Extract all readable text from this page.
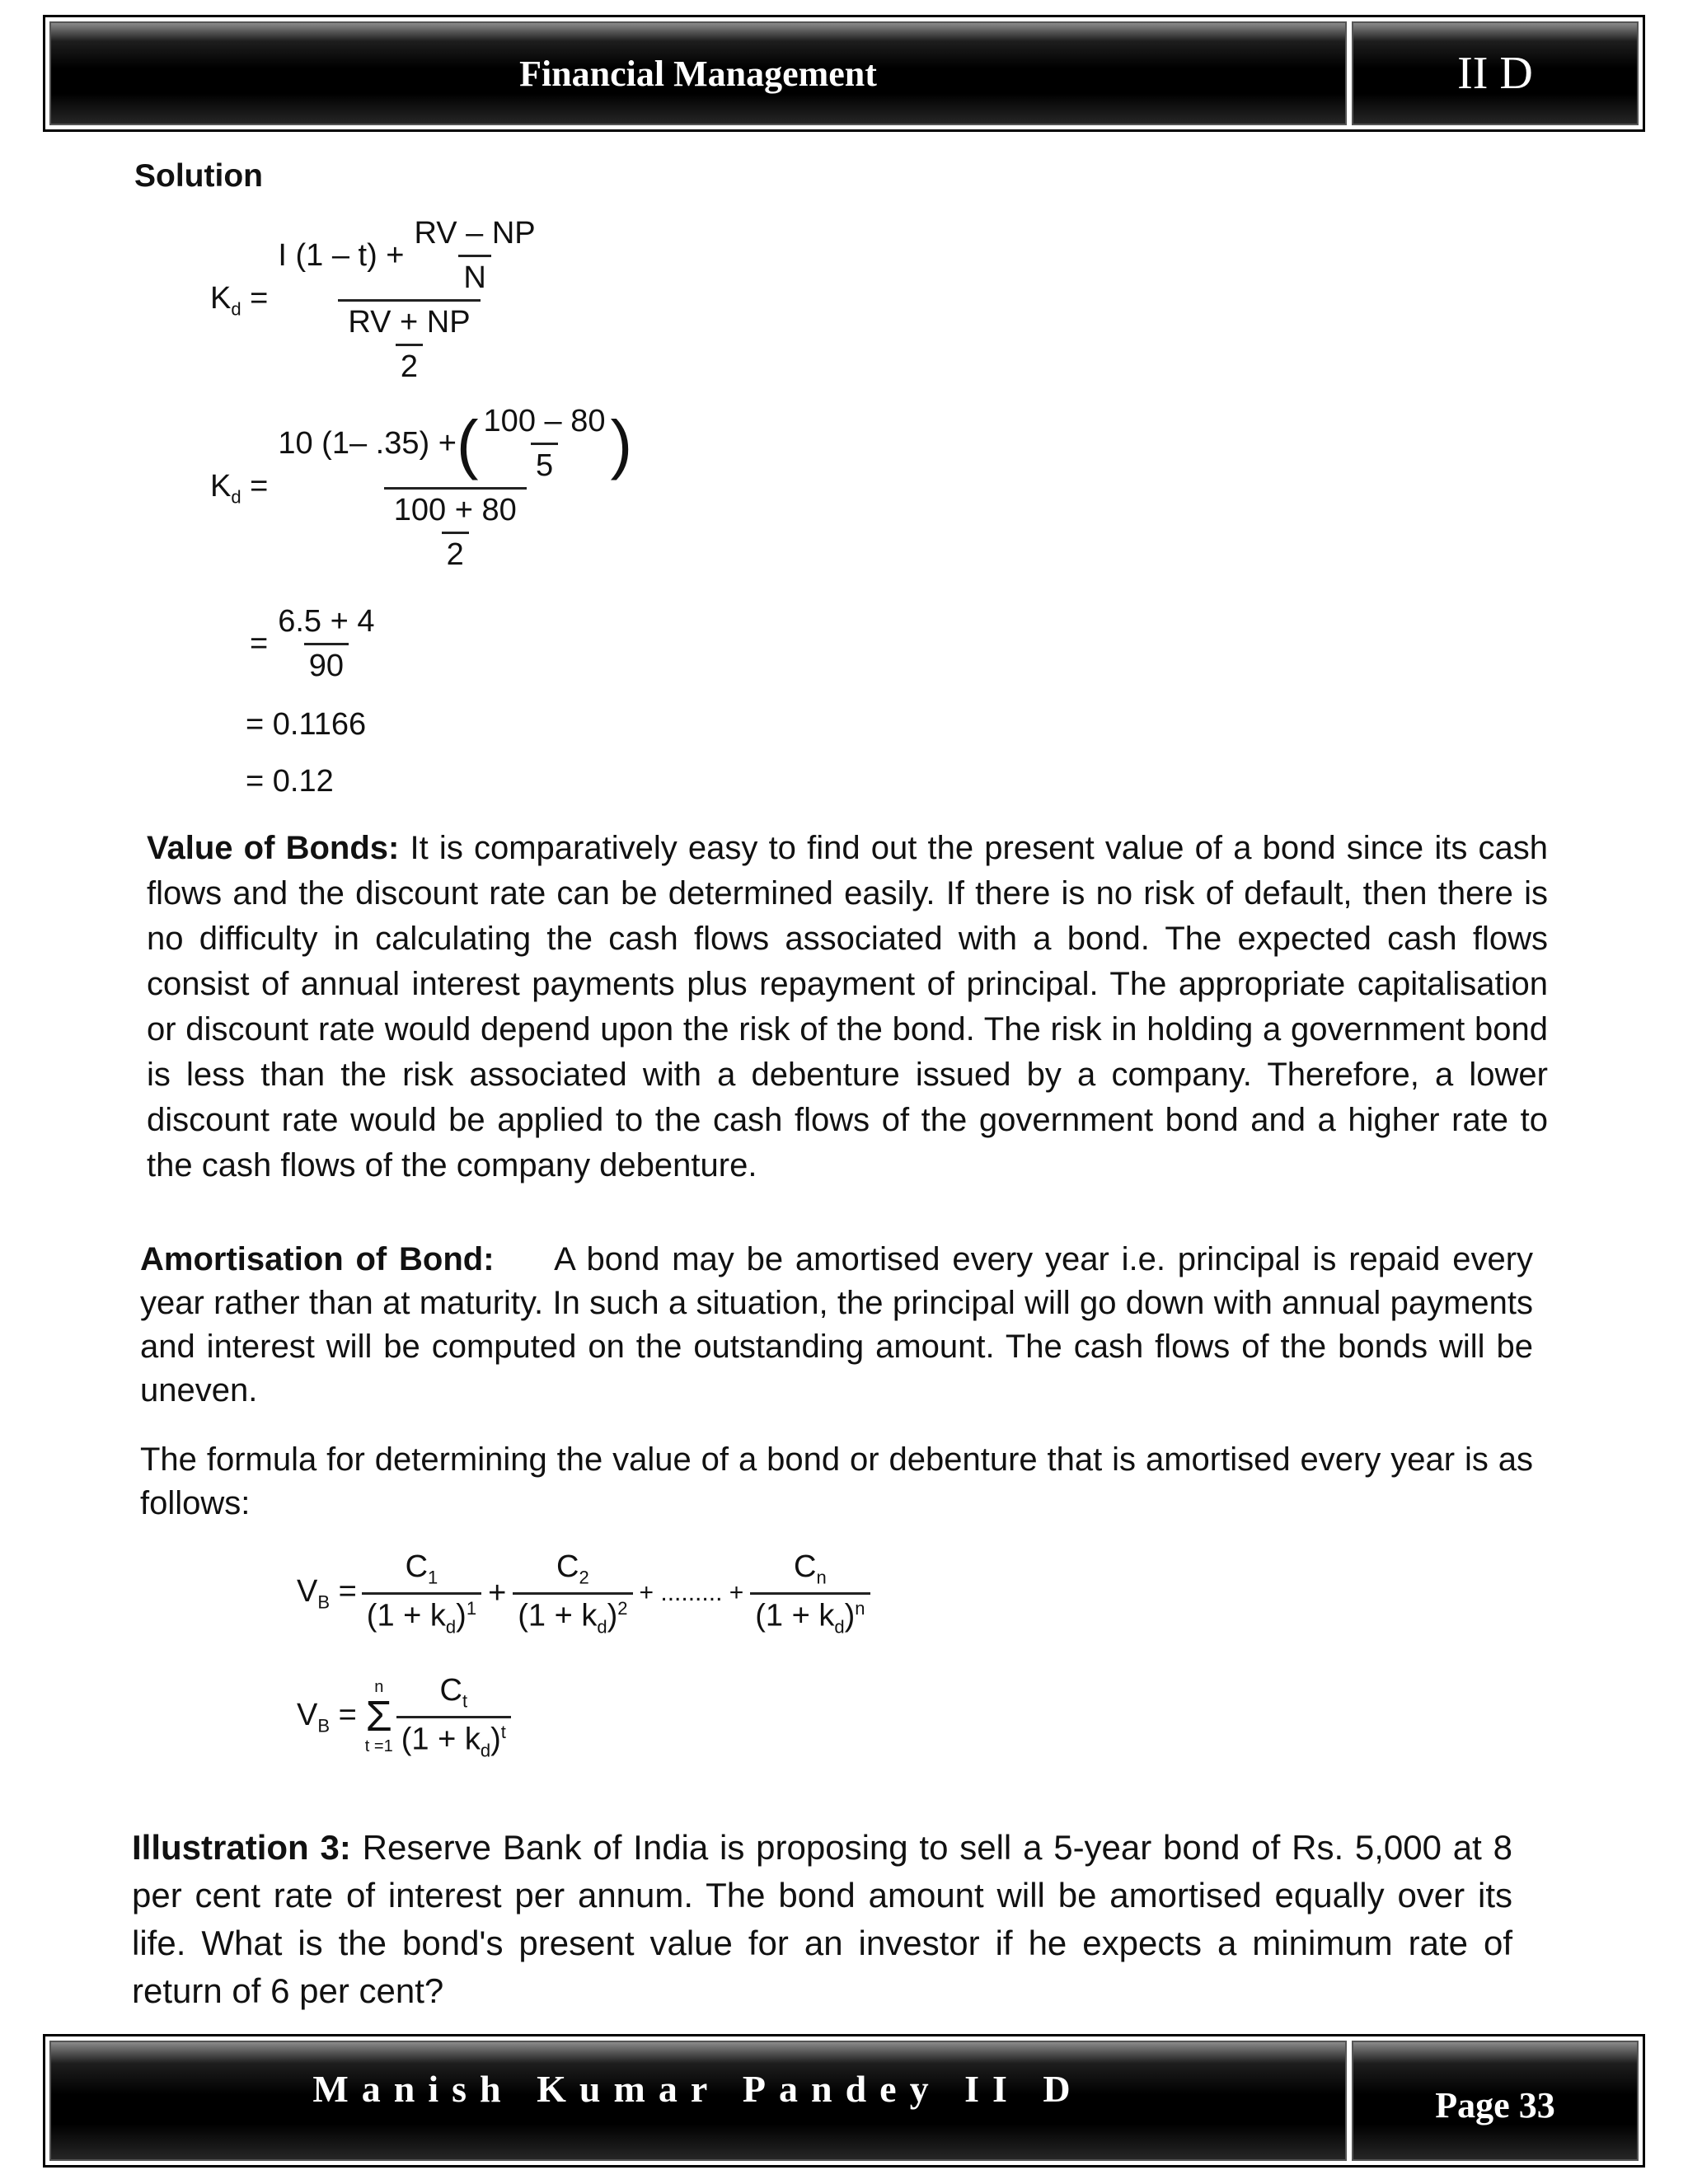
Financial Management	II D
Solution
$K_d = \frac{I (1 - t) + \frac{RV - NP}{N}}{\frac{RV + NP}{2}}$
$K_d$ =
10 (1– .35) + ( $\frac{100 - 80}{5}$ )
$\frac{100 + 80}{2}$
= $\frac{6.5 + 4}{90}$
= 0.1166
= 0.12

Value of Bonds: It is comparatively easy to find out the present value of a bond since its cash flows and the discount rate can be determined easily. If there is no risk of default, then there is no difficulty in calculating the cash flows associated with a bond. The expected cash flows consist of annual interest payments plus repayment of principal. The appropriate capitalisation or discount rate would depend upon the risk of the bond. The risk in holding a government bond is less than the risk associated with a debenture issued by a company. Therefore, a lower discount rate would be applied to the cash flows of the government bond and a higher rate to the cash flows of the company debenture.

Amortisation of Bond: A bond may be amortised every year i.e. principal is repaid every year rather than at maturity. In such a situation, the principal will go down with annual payments and interest will be computed on the outstanding amount. The cash flows of the bonds will be uneven.

The formula for determining the value of a bond or debenture that is amortised every year is as follows:

$V_B = \frac{C_1}{(1 + k_d)^1} + \frac{C_2}{(1 + k_d)^2}$ + ......... + $\frac{C_n}{(1 + k_d)^n}$
$V_B$ =
n
Σ
$t =1 \frac{C_t}{(1 + k_d)^t}$

Illustration 3: Reserve Bank of India is proposing to sell a 5-year bond of Rs. 5,000 at 8 per cent rate of interest per annum. The bond amount will be amortised equally over its life. What is the bond's present value for an investor if he expects a minimum rate of return of 6 per cent?

Manish Kumar Pandey II D	Page 33
